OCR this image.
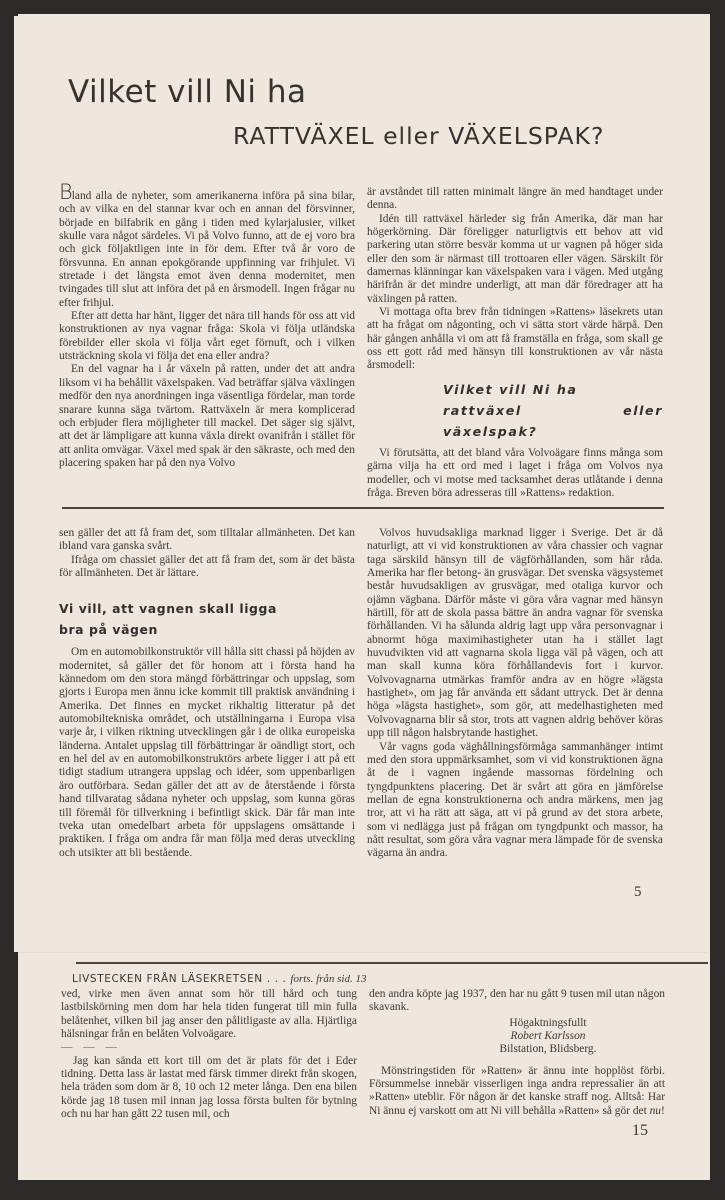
Vilket vill Ni ha
RATTVÄXEL eller VÄXELSPAK?

Bland alla de nyheter, som amerikanerna införa på sina bilar, och av vilka en del stannar kvar och en annan del försvinner, började en bilfabrik en gång i tiden med kylarjalusier, vilket skulle vara något särdeles. Vi på Volvo funno, att de ej voro bra och gick följaktligen inte in för dem. Efter två år voro de försvunna. En annan epokgörande uppfinning var frihjulet. Vi stretade i det längsta emot även denna modernitet, men tvingades till slut att införa det på en årsmodell. Ingen frågar nu efter frihjul.

Efter att detta har hänt, ligger det nära till hands för oss att vid konstruktionen av nya vagnar fråga: Skola vi följa utländska förebilder eller skola vi följa vårt eget förnuft, och i vilken utsträckning skola vi följa det ena eller andra?

En del vagnar ha i år växeln på ratten, under det att andra liksom vi ha behållit växelspaken. Vad beträffar själva växlingen medför den nya anordningen inga väsentliga fördelar, man torde snarare kunna säga tvärtom. Rattväxeln är mera komplicerad och erbjuder flera möjligheter till mackel. Det säger sig självt, att det är lämpligare att kunna växla direkt ovanifrån i stället för att anlita omvägar. Växel med spak är den säkraste, och med den placering spaken har på den nya Volvo

är avståndet till ratten minimalt längre än med handtaget under denna.

Idén till rattväxel härleder sig från Amerika, där man har högerkörning. Där föreligger naturligtvis ett behov att vid parkering utan större besvär komma ut ur vagnen på höger sida eller den som är närmast till trottoaren eller vägen. Särskilt för damernas klänningar kan växelspaken vara i vägen. Med utgång härifrån är det mindre underligt, att man där föredrager att ha växlingen på ratten.

Vi mottaga ofta brev från tidningen »Rattens» läsekrets utan att ha frågat om någonting, och vi sätta stort värde härpå. Den här gången anhålla vi om att få framställa en fråga, som skall ge oss ett gott råd med hänsyn till konstruktionen av vår nästa årsmodell:

Vilket vill Ni ha
rattväxel eller växelspak?

Vi förutsätta, att det bland våra Volvoägare finns många som gärna vilja ha ett ord med i laget i fråga om Volvos nya modeller, och vi motse med tacksamhet deras utlåtande i denna fråga. Breven böra adresseras till »Rattens» redaktion.

sen gäller det att få fram det, som tilltalar allmänheten. Det kan ibland vara ganska svårt.

Ifråga om chassiet gäller det att få fram det, som är det bästa för allmänheten. Det är lättare.

Vi vill, att vagnen skall ligga
bra på vägen

Om en automobilkonstruktör vill hålla sitt chassi på höjden av modernitet, så gäller det för honom att i första hand ha kännedom om den stora mängd förbättringar och uppslag, som gjorts i Europa men ännu icke kommit till praktisk användning i Amerika. Det finnes en mycket rikhaltig litteratur på det automobiltekniska området, och utställningarna i Europa visa varje år, i vilken riktning utvecklingen går i de olika europeiska länderna. Antalet uppslag till förbättringar är oändligt stort, och en hel del av en automobilkonstruktörs arbete ligger i att på ett tidigt stadium utrangera uppslag och idéer, som uppenbarligen äro outförbara. Sedan gäller det att av de återstående i första hand tillvaratag sådana nyheter och uppslag, som kunna göras till föremål för tillverkning i befintligt skick. Där får man inte tveka utan omedelbart arbeta för uppslagens omsättande i praktiken. I fråga om andra får man följa med deras utveckling och utsikter att bli bestående.

Volvos huvudsakliga marknad ligger i Sverige. Det är då naturligt, att vi vid konstruktionen av våra chassier och vagnar taga särskild hänsyn till de vägförhållanden, som här råda. Amerika har fler betong- än grusvägar. Det svenska vägsystemet består huvudsakligen av grusvägar, med otaliga kurvor och ojämn vägbana. Därför måste vi göra våra vagnar med hänsyn härtill, för att de skola passa bättre än andra vagnar för svenska förhållanden. Vi ha sålunda aldrig lagt upp våra personvagnar i abnormt höga maximihastigheter utan ha i stället lagt huvudvikten vid att vagnarna skola ligga väl på vägen, och att man skall kunna köra förhållandevis fort i kurvor. Volvovagnarna utmärkas framför andra av en högre »lägsta hastighet», om jag får använda ett sådant uttryck. Det är denna höga »lägsta hastighet», som gör, att medelhastigheten med Volvovagnarna blir så stor, trots att vagnen aldrig behöver köras upp till någon halsbrytande hastighet.

Vår vagns goda väghållningsförmåga sammanhänger intimt med den stora uppmärksamhet, som vi vid konstruktionen ägna åt de i vagnen ingående massornas fördelning och tyngdpunktens placering. Det är svårt att göra en jämförelse mellan de egna konstruktionerna och andra märkens, men jag tror, att vi ha rätt att säga, att vi på grund av det stora arbete, som vi nedlägga just på frågan om tyngdpunkt och massor, ha nått resultat, som göra våra vagnar mera lämpade för de svenska vägarna än andra.

5
LIVSTECKEN FRÅN LÄSEKRETSEN . . . forts. från sid. 13

ved, virke men även annat som hör till hård och tung lastbilskörning men dom har hela tiden fungerat till min fulla belåtenhet, vilken bil jag anser den pålitligaste av alla. Hjärtliga hälsningar från en belåten Volvoägare.

— — —

Jag kan sända ett kort till om det är plats för det i Eder tidning. Detta lass är lastat med färsk timmer direkt från skogen, hela träden som dom är 8, 10 och 12 meter långa. Den ena bilen körde jag 18 tusen mil innan jag lossa första bulten för bytning och nu har han gått 22 tusen mil, och

den andra köpte jag 1937, den har nu gått 9 tusen mil utan någon skavank.

Högaktningsfullt
Robert Karlsson
Bilstation, Blidsberg.

Mönstringstiden för »Ratten» är ännu inte hopplöst förbi. Försummelse innebär visserligen inga andra repressalier än att »Ratten» uteblir. För någon är det kanske straff nog. Alltså: Har Ni ännu ej varskott om att Ni vill behålla »Ratten» så gör det nu!

15
